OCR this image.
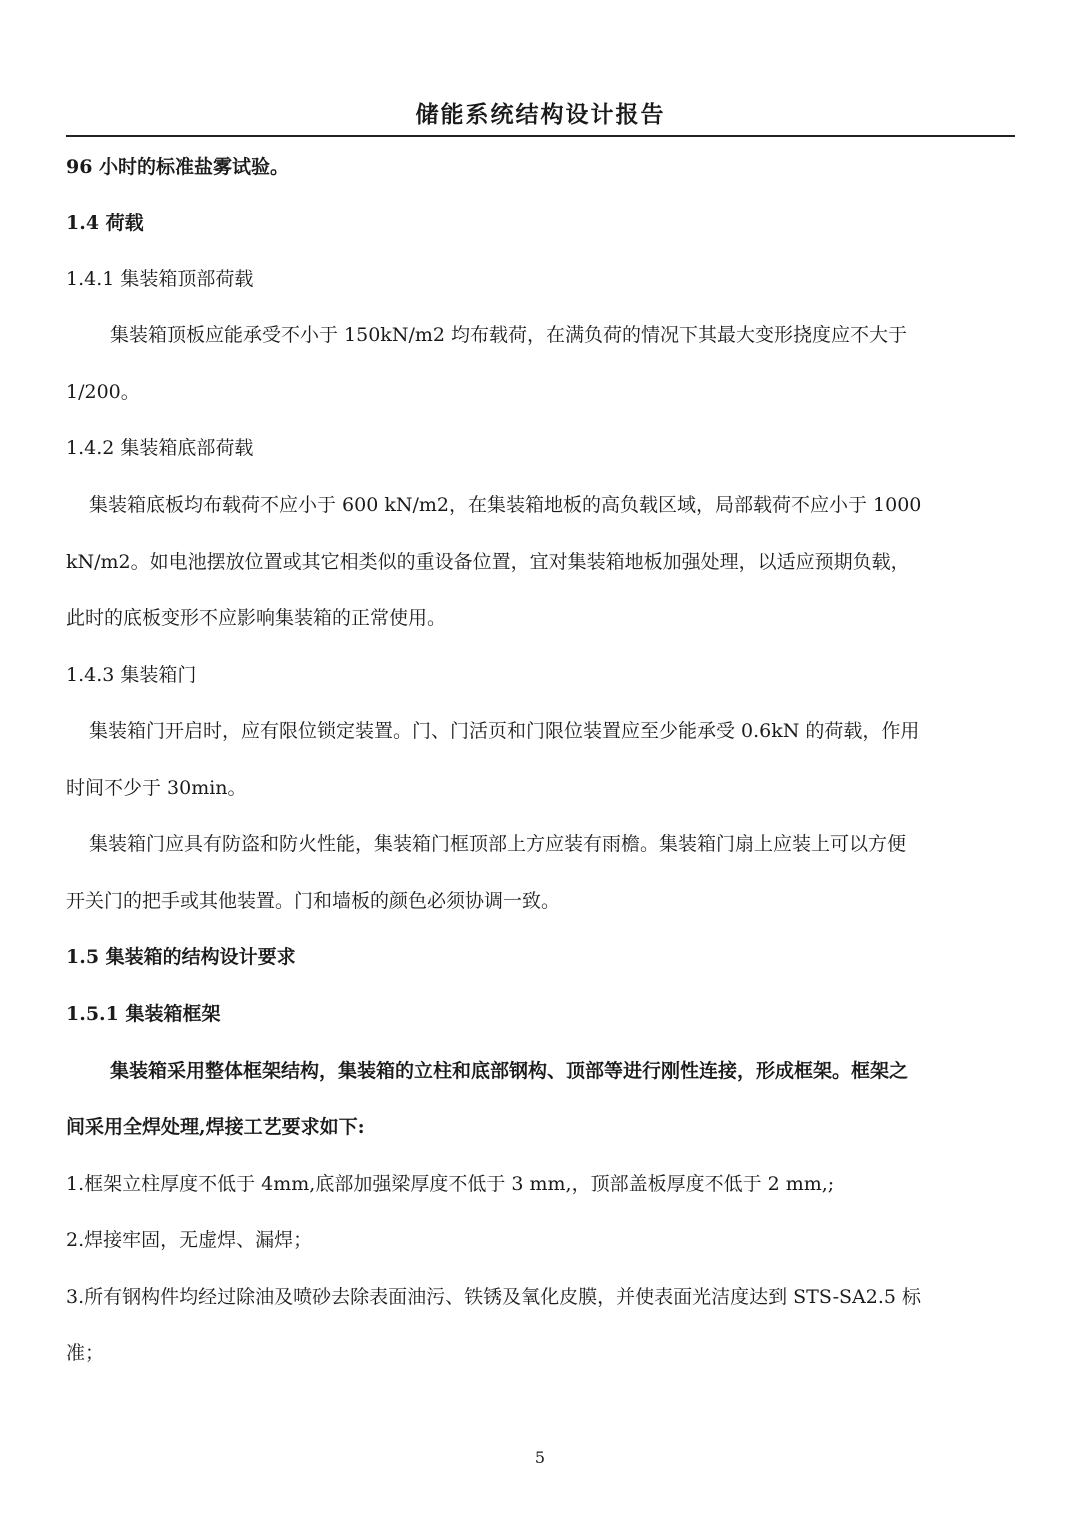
储能系统结构设计报告
96 小时的标准盐雾试验。
1.4 荷载
1.4.1 集装箱顶部荷载
集装箱顶板应能承受不小于 150kN/m2 均布载荷，在满负荷的情况下其最大变形挠度应不大于
1/200。
1.4.2 集装箱底部荷载
集装箱底板均布载荷不应小于 600 kN/m2，在集装箱地板的高负载区域，局部载荷不应小于 1000
kN/m2。如电池摆放位置或其它相类似的重设备位置，宜对集装箱地板加强处理，以适应预期负载，
此时的底板变形不应影响集装箱的正常使用。
1.4.3 集装箱门
集装箱门开启时，应有限位锁定装置。门、门活页和门限位装置应至少能承受 0.6kN 的荷载，作用
时间不少于 30min。
集装箱门应具有防盗和防火性能，集装箱门框顶部上方应装有雨檐。集装箱门扇上应装上可以方便
开关门的把手或其他装置。门和墙板的颜色必须协调一致。
1.5 集装箱的结构设计要求
1.5.1 集装箱框架
集装箱采用整体框架结构，集装箱的立柱和底部钢构、顶部等进行刚性连接，形成框架。框架之
间采用全焊处理,焊接工艺要求如下:
1.框架立柱厚度不低于 4mm,底部加强梁厚度不低于 3 mm,，顶部盖板厚度不低于 2 mm,;
2.焊接牢固，无虚焊、漏焊；
3.所有钢构件均经过除油及喷砂去除表面油污、铁锈及氧化皮膜，并使表面光洁度达到 STS-SA2.5 标
准；
5
